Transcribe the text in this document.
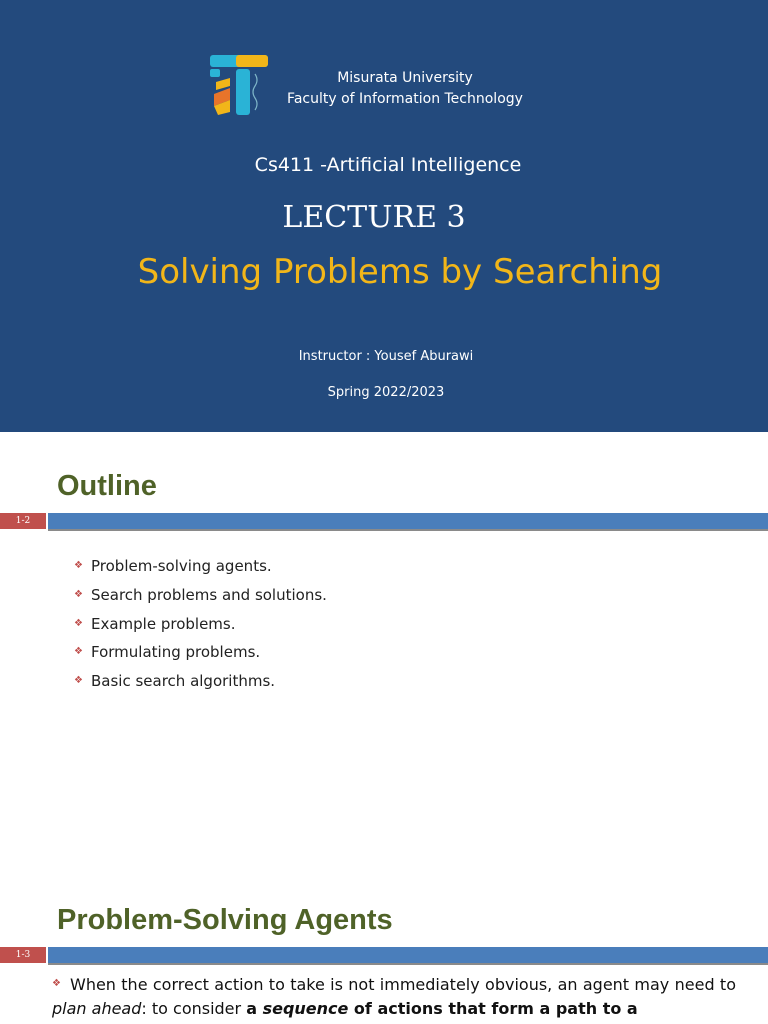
Misurata University
Faculty of Information Technology
Cs411 -Artificial Intelligence
LECTURE 3
Solving Problems by Searching
Instructor : Yousef Aburawi
Spring 2022/2023
Outline
1-2
❖ Problem-solving agents.
❖ Search problems and solutions.
❖ Example problems.
❖ Formulating problems.
❖ Basic search algorithms.
Problem-Solving Agents
1-3
❖ When the correct action to take is not immediately obvious, an agent may need to plan ahead: to consider a sequence of actions that form a path to a
